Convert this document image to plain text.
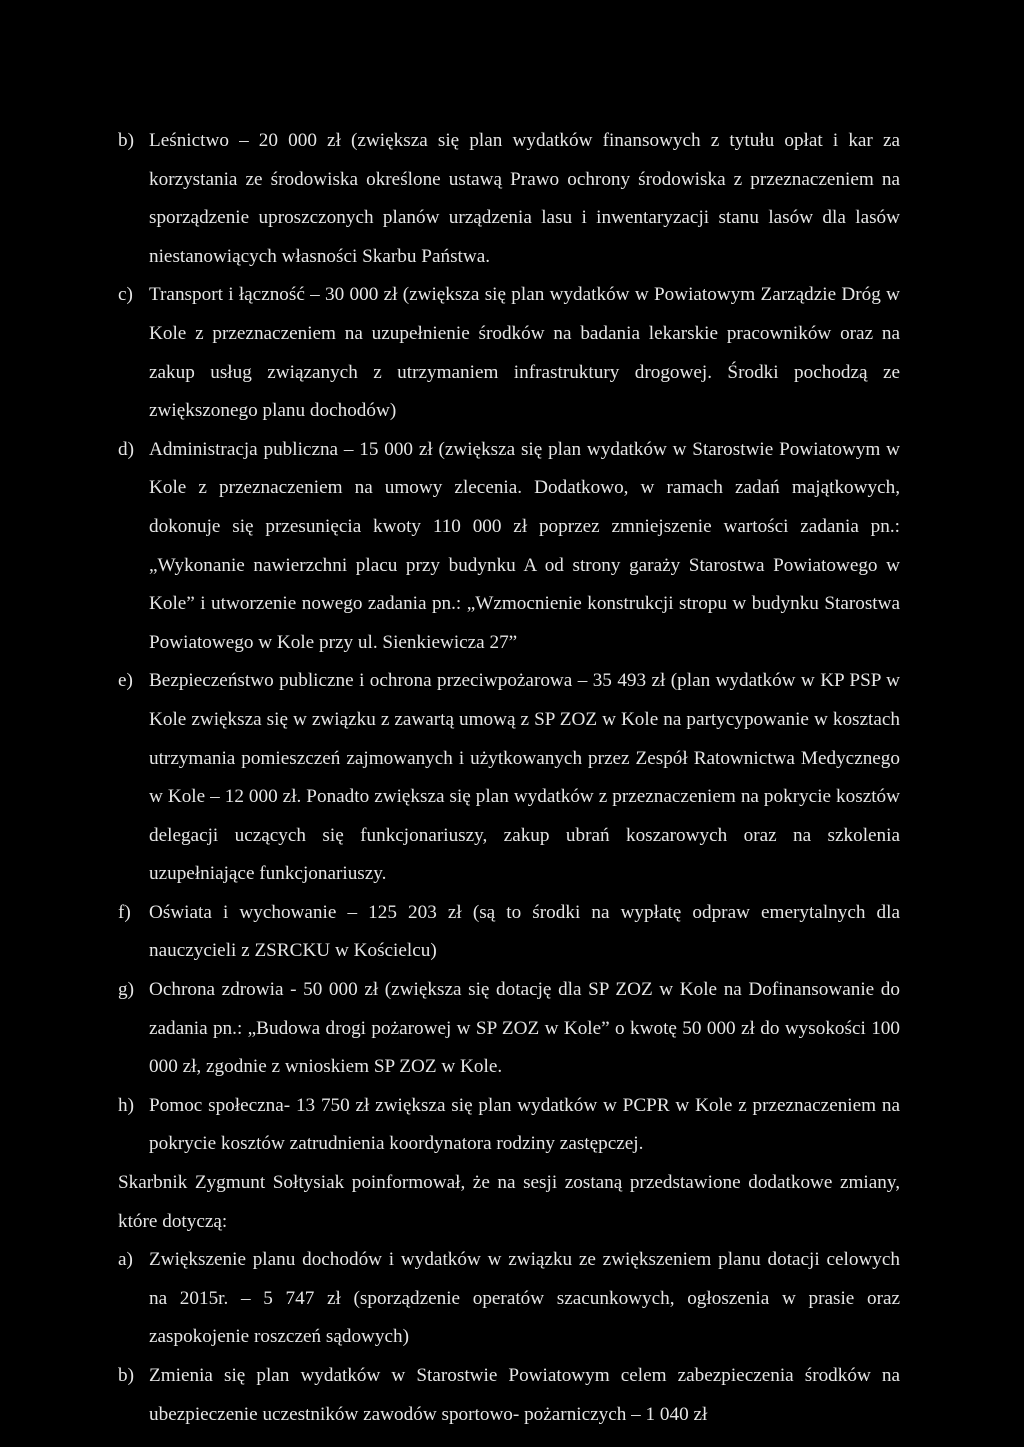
b) Leśnictwo – 20 000 zł (zwiększa się plan wydatków finansowych z tytułu opłat i kar za korzystania ze środowiska określone ustawą Prawo ochrony środowiska z przeznaczeniem na sporządzenie uproszczonych planów urządzenia lasu i inwentaryzacji stanu lasów dla lasów niestanowiących własności Skarbu Państwa.
c) Transport i łączność – 30 000 zł (zwiększa się plan wydatków w Powiatowym Zarządzie Dróg w Kole z przeznaczeniem na uzupełnienie środków na badania lekarskie pracowników oraz na zakup usług związanych z utrzymaniem infrastruktury drogowej. Środki pochodzą ze zwiększonego planu dochodów)
d) Administracja publiczna – 15 000 zł (zwiększa się plan wydatków w Starostwie Powiatowym w Kole z przeznaczeniem na umowy zlecenia. Dodatkowo, w ramach zadań majątkowych, dokonuje się przesunięcia kwoty 110 000 zł poprzez zmniejszenie wartości zadania pn.: „Wykonanie nawierzchni placu przy budynku A od strony garaży Starostwa Powiatowego w Kole” i utworzenie nowego zadania pn.: „Wzmocnienie konstrukcji stropu w budynku Starostwa Powiatowego w Kole przy ul. Sienkiewicza 27”
e) Bezpieczeństwo publiczne i ochrona przeciwpożarowa – 35 493 zł (plan wydatków w KP PSP w Kole zwiększa się w związku z zawartą umową z SP ZOZ w Kole na partycypowanie w kosztach utrzymania pomieszczeń zajmowanych i użytkowanych przez Zespół Ratownictwa Medycznego w Kole – 12 000 zł. Ponadto zwiększa się plan wydatków z przeznaczeniem na pokrycie kosztów delegacji uczących się funkcjonariuszy, zakup ubrań koszarowych oraz na szkolenia uzupełniające funkcjonariuszy.
f) Oświata i wychowanie – 125 203 zł (są to środki na wypłatę odpraw emerytalnych dla nauczycieli z ZSRCKU w Kościelcu)
g) Ochrona zdrowia - 50 000 zł (zwiększa się dotację dla SP ZOZ w Kole na Dofinansowanie do zadania pn.: „Budowa drogi pożarowej w SP ZOZ w Kole” o kwotę 50 000 zł do wysokości 100 000 zł, zgodnie z wnioskiem SP ZOZ w Kole.
h) Pomoc społeczna- 13 750 zł zwiększa się plan wydatków w PCPR w Kole z przeznaczeniem na pokrycie kosztów zatrudnienia koordynatora rodziny zastępczej.
Skarbnik Zygmunt Sołtysiak poinformował, że na sesji zostaną przedstawione dodatkowe zmiany, które dotyczą:
a) Zwiększenie planu dochodów i wydatków w związku ze zwiększeniem planu dotacji celowych na 2015r. – 5 747 zł (sporządzenie operatów szacunkowych, ogłoszenia w prasie oraz zaspokojenie roszczeń sądowych)
b) Zmienia się plan wydatków w Starostwie Powiatowym celem zabezpieczenia środków na ubezpieczenie uczestników zawodów sportowo- pożarniczych – 1 040 zł
